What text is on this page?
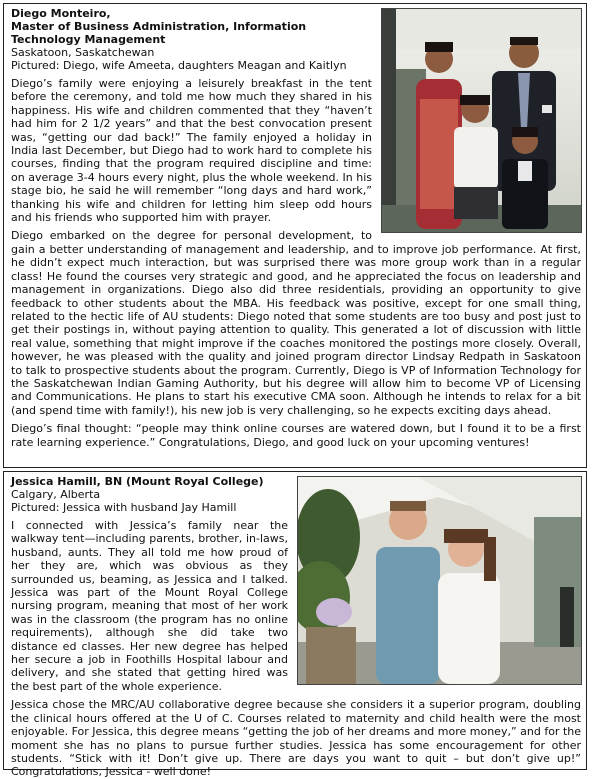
Diego Monteiro,
Master of Business Administration, Information Technology Management
Saskatoon, Saskatchewan
Pictured: Diego, wife Ameeta, daughters Meagan and Kaitlyn

Diego’s family were enjoying a leisurely breakfast in the tent before the ceremony, and told me how much they shared in his happiness. His wife and children commented that they “haven’t had him for 2 1/2 years” and that the best convocation present was, “getting our dad back!” The family enjoyed a holiday in India last December, but Diego had to work hard to complete his courses, finding that the program required discipline and time: on average 3-4 hours every night, plus the whole weekend. In his stage bio, he said he will remember “long days and hard work,” thanking his wife and children for letting him sleep odd hours and his friends who supported him with prayer.

Diego embarked on the degree for personal development, to gain a better understanding of management and leadership, and to improve job performance. At first, he didn’t expect much interaction, but was surprised there was more group work than in a regular class! He found the courses very strategic and good, and he appreciated the focus on leadership and management in organizations. Diego also did three residentials, providing an opportunity to give feedback to other students about the MBA. His feedback was positive, except for one small thing, related to the hectic life of AU students: Diego noted that some students are too busy and post just to get their postings in, without paying attention to quality. This generated a lot of discussion with little real value, something that might improve if the coaches monitored the postings more closely. Overall, however, he was pleased with the quality and joined program director Lindsay Redpath in Saskatoon to talk to prospective students about the program. Currently, Diego is VP of Information Technology for the Saskatchewan Indian Gaming Authority, but his degree will allow him to become VP of Licensing and Communications. He plans to start his executive CMA soon. Although he intends to relax for a bit (and spend time with family!), his new job is very challenging, so he expects exciting days ahead.

Diego’s final thought: “people may think online courses are watered down, but I found it to be a first rate learning experience.” Congratulations, Diego, and good luck on your upcoming ventures!

Jessica Hamill, BN (Mount Royal College)
Calgary, Alberta
Pictured: Jessica with husband Jay Hamill

I connected with Jessica’s family near the walkway tent—including parents, brother, in-laws, husband, aunts. They all told me how proud of her they are, which was obvious as they surrounded us, beaming, as Jessica and I talked. Jessica was part of the Mount Royal College nursing program, meaning that most of her work was in the classroom (the program has no online requirements), although she did take two distance ed classes. Her new degree has helped her secure a job in Foothills Hospital labour and delivery, and she stated that getting hired was the best part of the whole experience.

Jessica chose the MRC/AU collaborative degree because she considers it a superior program, doubling the clinical hours offered at the U of C. Courses related to maternity and child health were the most enjoyable. For Jessica, this degree means “getting the job of her dreams and more money,” and for the moment she has no plans to pursue further studies. Jessica has some encouragement for other students. “Stick with it! Don’t give up. There are days you want to quit – but don’t give up!” Congratulations, Jessica - well done!
